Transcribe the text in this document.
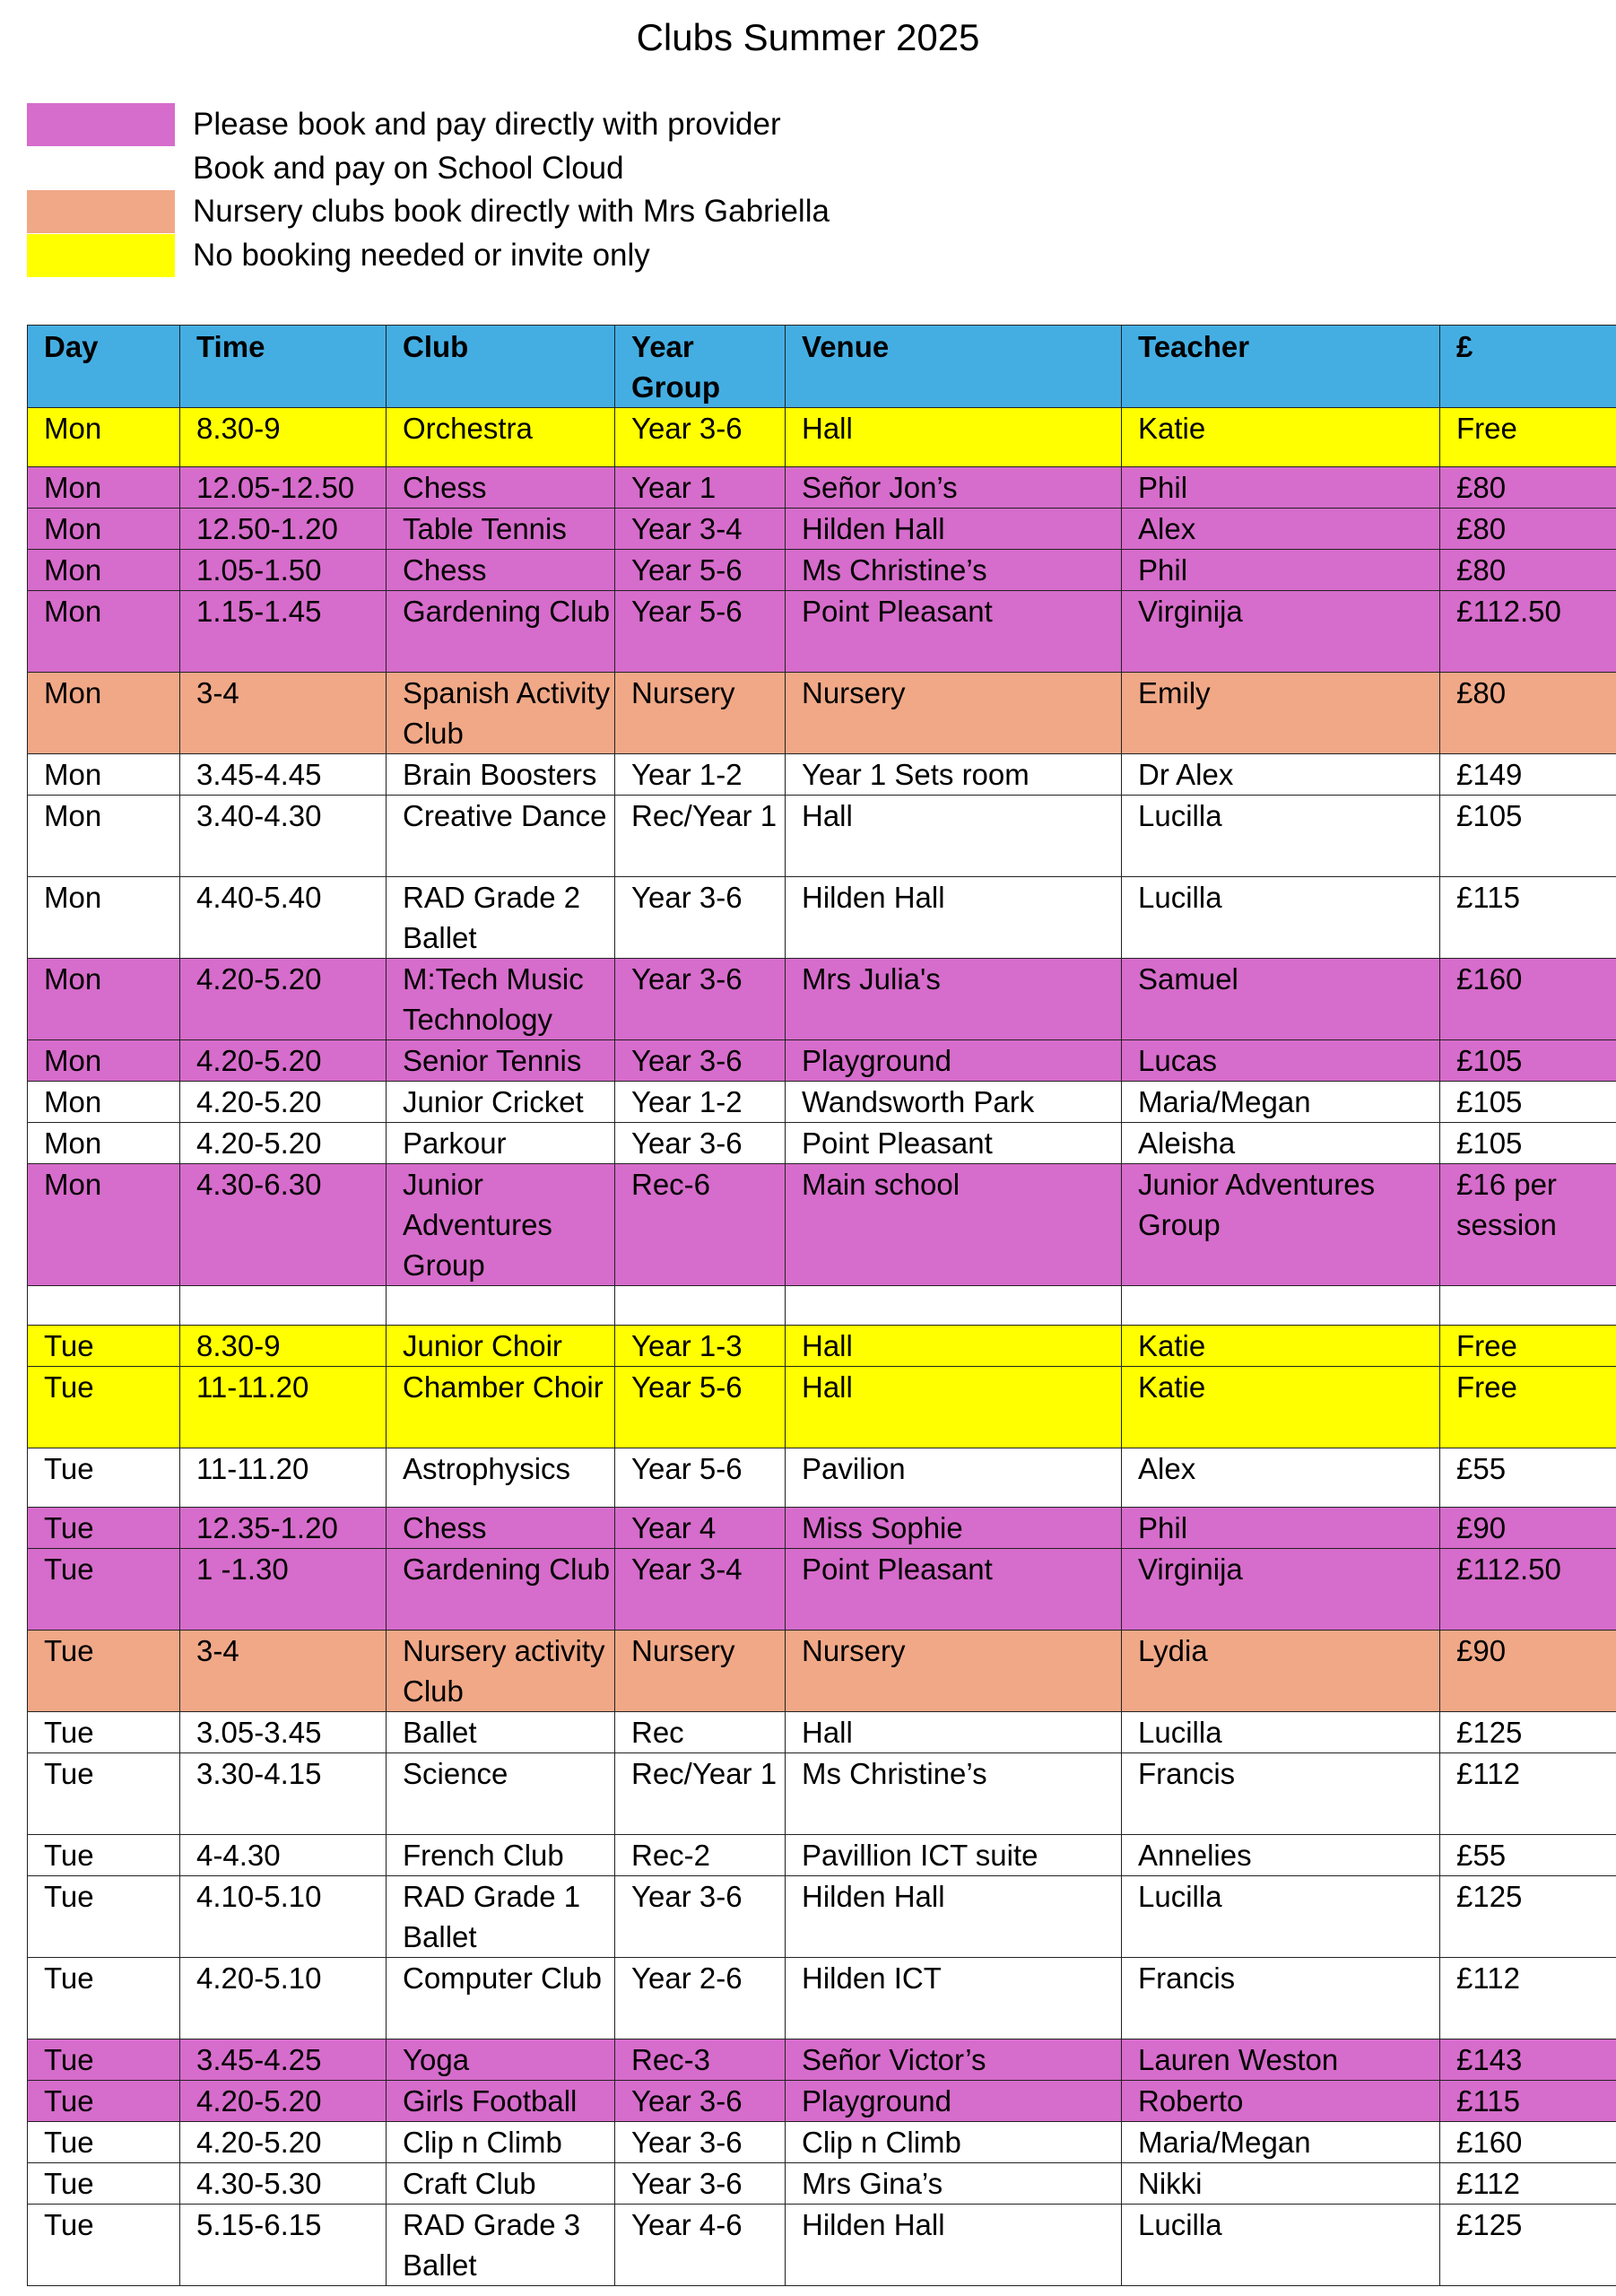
Clubs Summer 2025
Please book and pay directly with provider
Book and pay on School Cloud
Nursery clubs book directly with Mrs Gabriella
No booking needed or invite only
Day	Time	Club	Year Group	Venue	Teacher	£
Mon	8.30-9	Orchestra	Year 3-6	Hall	Katie	Free
Mon	12.05-12.50	Chess	Year 1	Señor Jon’s	Phil	£80
Mon	12.50-1.20	Table Tennis	Year 3-4	Hilden Hall	Alex	£80
Mon	1.05-1.50	Chess	Year 5-6	Ms Christine’s	Phil	£80
Mon	1.15-1.45	Gardening Club	Year 5-6	Point Pleasant	Virginija	£112.50
Mon	3-4	Spanish Activity Club	Nursery	Nursery	Emily	£80
Mon	3.45-4.45	Brain Boosters	Year 1-2	Year 1 Sets room	Dr Alex	£149
Mon	3.40-4.30	Creative Dance	Rec/Year 1	Hall	Lucilla	£105
Mon	4.40-5.40	RAD Grade 2 Ballet	Year 3-6	Hilden Hall	Lucilla	£115
Mon	4.20-5.20	M:Tech Music Technology	Year 3-6	Mrs Julia's	Samuel	£160
Mon	4.20-5.20	Senior Tennis	Year 3-6	Playground	Lucas	£105
Mon	4.20-5.20	Junior Cricket	Year 1-2	Wandsworth Park	Maria/Megan	£105
Mon	4.20-5.20	Parkour	Year 3-6	Point Pleasant	Aleisha	£105
Mon	4.30-6.30	Junior Adventures Group	Rec-6	Main school	Junior Adventures Group	£16 per session

Tue	8.30-9	Junior Choir	Year 1-3	Hall	Katie	Free
Tue	11-11.20	Chamber Choir	Year 5-6	Hall	Katie	Free
Tue	11-11.20	Astrophysics	Year 5-6	Pavilion	Alex	£55
Tue	12.35-1.20	Chess	Year 4	Miss Sophie	Phil	£90
Tue	1 -1.30	Gardening Club	Year 3-4	Point Pleasant	Virginija	£112.50
Tue	3-4	Nursery activity Club	Nursery	Nursery	Lydia	£90
Tue	3.05-3.45	Ballet	Rec	Hall	Lucilla	£125
Tue	3.30-4.15	Science	Rec/Year 1	Ms Christine’s	Francis	£112
Tue	4-4.30	French Club	Rec-2	Pavillion ICT suite	Annelies	£55
Tue	4.10-5.10	RAD Grade 1 Ballet	Year 3-6	Hilden Hall	Lucilla	£125
Tue	4.20-5.10	Computer Club	Year 2-6	Hilden ICT	Francis	£112
Tue	3.45-4.25	Yoga	Rec-3	Señor Victor’s	Lauren Weston	£143
Tue	4.20-5.20	Girls Football	Year 3-6	Playground	Roberto	£115
Tue	4.20-5.20	Clip n Climb	Year 3-6	Clip n Climb	Maria/Megan	£160
Tue	4.30-5.30	Craft Club	Year 3-6	Mrs Gina’s	Nikki	£112
Tue	5.15-6.15	RAD Grade 3 Ballet	Year 4-6	Hilden Hall	Lucilla	£125
